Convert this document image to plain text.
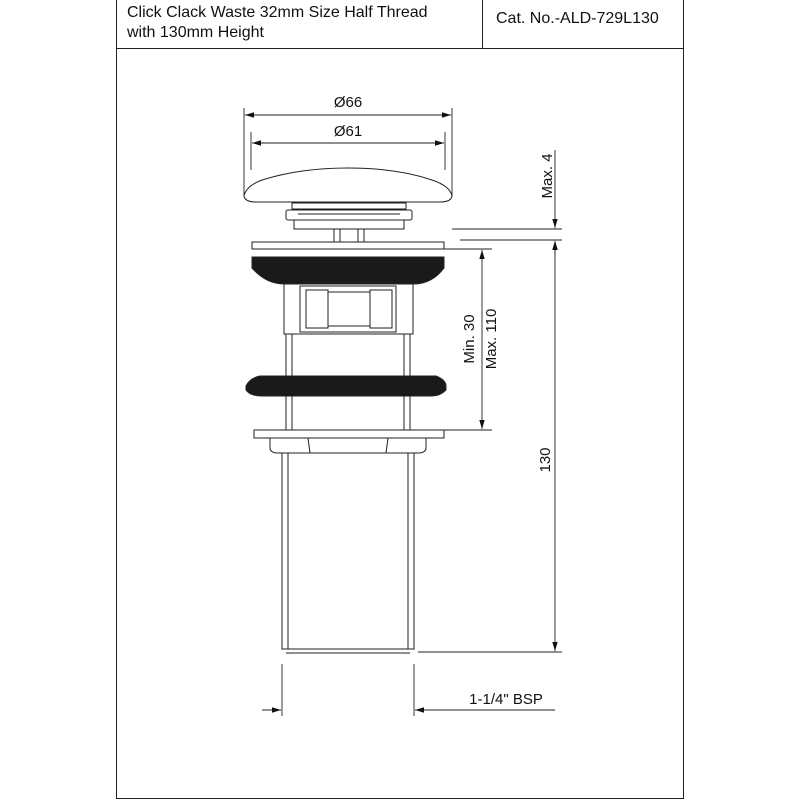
Click Clack Waste 32mm Size Half Thread
with 130mm Height
Cat. No.-ALD-729L130
Ø66
Ø61
Max. 4
Min. 30 Max. 110
130
1-1/4" BSP
